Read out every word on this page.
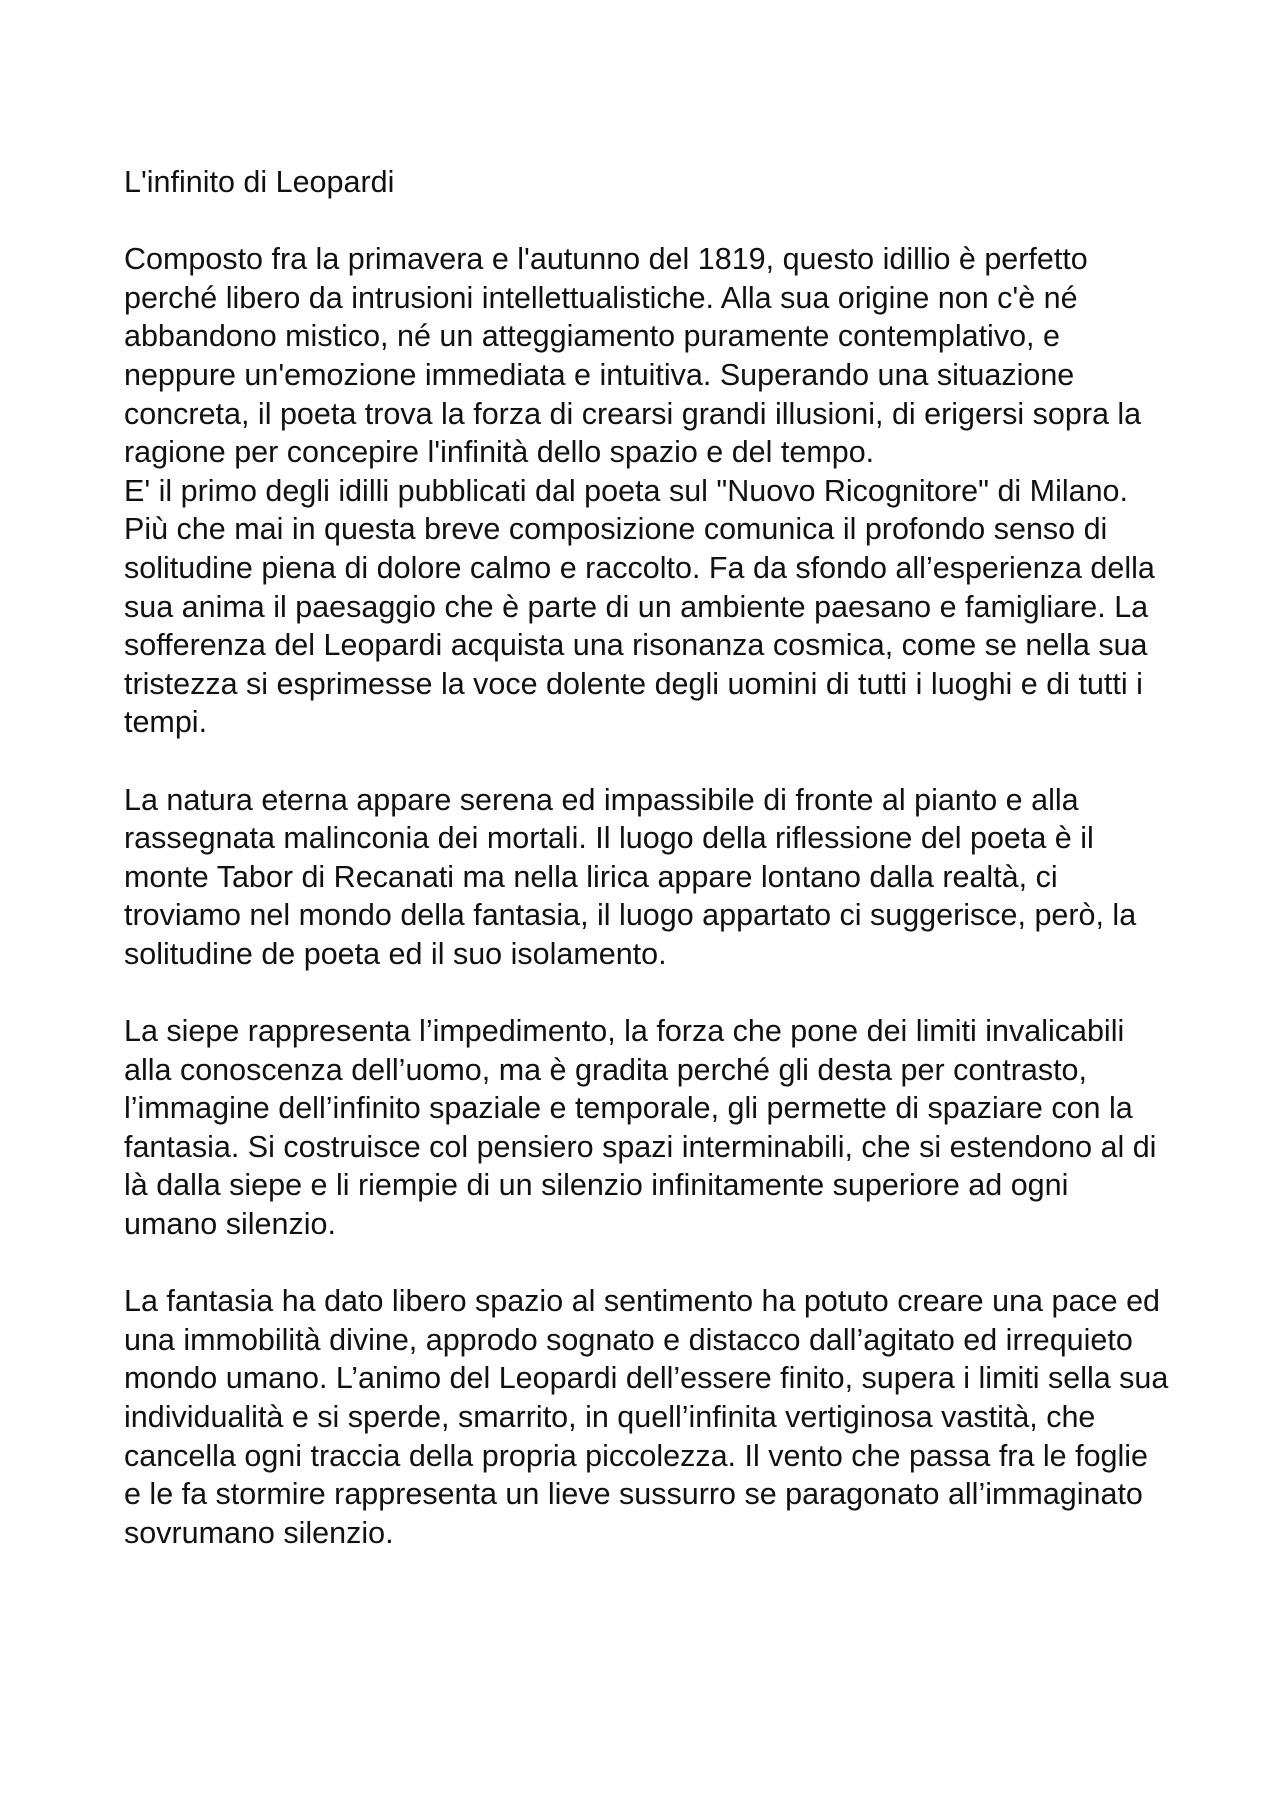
L'infinito di Leopardi

Composto fra la primavera e l'autunno del 1819, questo idillio è perfetto perché libero da intrusioni intellettualistiche. Alla sua origine non c'è né abbandono mistico, né un atteggiamento puramente contemplativo, e neppure un'emozione immediata e intuitiva. Superando una situazione concreta, il poeta trova la forza di crearsi grandi illusioni, di erigersi sopra la ragione per concepire l'infinità dello spazio e del tempo.

E' il primo degli idilli pubblicati dal poeta sul "Nuovo Ricognitore" di Milano. Più che mai in questa breve composizione comunica il profondo senso di solitudine piena di dolore calmo e raccolto. Fa da sfondo all’esperienza della sua anima il paesaggio che è parte di un ambiente paesano e famigliare. La sofferenza del Leopardi acquista una risonanza cosmica, come se nella sua tristezza si esprimesse la voce dolente degli uomini di tutti i luoghi e di tutti i tempi.

La natura eterna appare serena ed impassibile di fronte al pianto e alla rassegnata malinconia dei mortali. Il luogo della riflessione del poeta è il monte Tabor di Recanati ma nella lirica appare lontano dalla realtà, ci troviamo nel mondo della fantasia, il luogo appartato ci suggerisce, però, la solitudine de poeta ed il suo isolamento.

La siepe rappresenta l’impedimento, la forza che pone dei limiti invalicabili alla conoscenza dell’uomo, ma è gradita perché gli desta per contrasto, l’immagine dell’infinito spaziale e temporale, gli permette di spaziare con la fantasia. Si costruisce col pensiero spazi interminabili, che si estendono al di là dalla siepe e li riempie di un silenzio infinitamente superiore ad ogni umano silenzio.

La fantasia ha dato libero spazio al sentimento ha potuto creare una pace ed una immobilità divine, approdo sognato e distacco dall’agitato ed irrequieto mondo umano. L’animo del Leopardi dell’essere finito, supera i limiti sella sua individualità e si sperde, smarrito, in quell’infinita vertiginosa vastità, che cancella ogni traccia della propria piccolezza. Il vento che passa fra le foglie e le fa stormire rappresenta un lieve sussurro se paragonato all’immaginato sovrumano silenzio.
